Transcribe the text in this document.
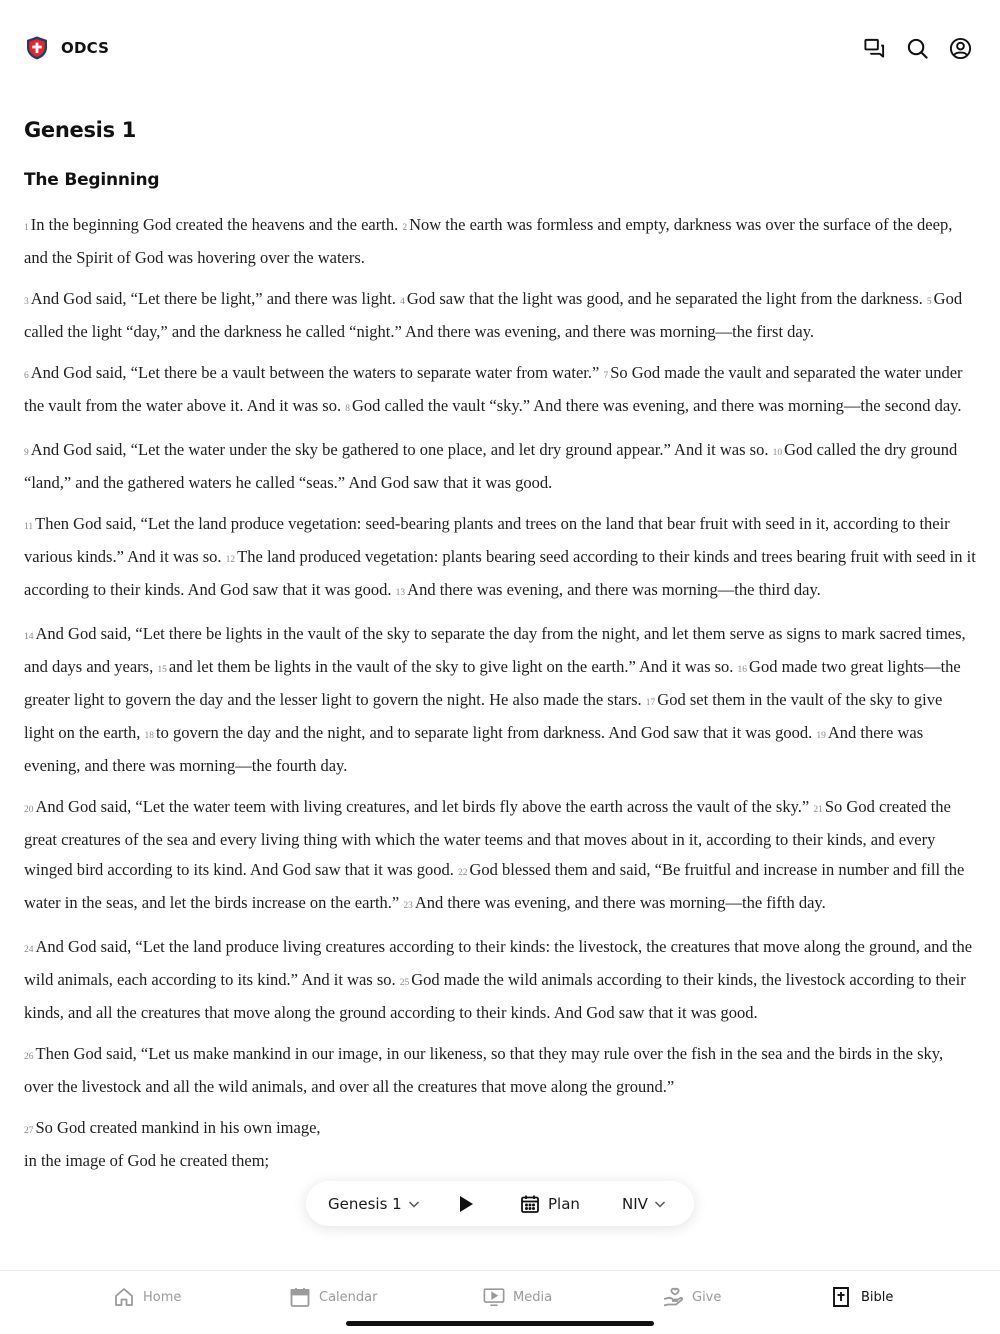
ODCS
Genesis 1
The Beginning

1 In the beginning God created the heavens and the earth. 2 Now the earth was formless and empty, darkness was over the surface of the deep, and the Spirit of God was hovering over the waters.

3 And God said, “Let there be light,” and there was light. 4 God saw that the light was good, and he separated the light from the darkness. 5 God called the light “day,” and the darkness he called “night.” And there was evening, and there was morning—the first day.

6 And God said, “Let there be a vault between the waters to separate water from water.” 7 So God made the vault and separated the water under the vault from the water above it. And it was so. 8 God called the vault “sky.” And there was evening, and there was morning—the second day.

9 And God said, “Let the water under the sky be gathered to one place, and let dry ground appear.” And it was so. 10 God called the dry ground “land,” and the gathered waters he called “seas.” And God saw that it was good.

11 Then God said, “Let the land produce vegetation: seed-bearing plants and trees on the land that bear fruit with seed in it, according to their various kinds.” And it was so. 12 The land produced vegetation: plants bearing seed according to their kinds and trees bearing fruit with seed in it according to their kinds. And God saw that it was good. 13 And there was evening, and there was morning—the third day.

14 And God said, “Let there be lights in the vault of the sky to separate the day from the night, and let them serve as signs to mark sacred times, and days and years, 15 and let them be lights in the vault of the sky to give light on the earth.” And it was so. 16 God made two great lights—the greater light to govern the day and the lesser light to govern the night. He also made the stars. 17 God set them in the vault of the sky to give light on the earth, 18 to govern the day and the night, and to separate light from darkness. And God saw that it was good. 19 And there was evening, and there was morning—the fourth day.

20 And God said, “Let the water teem with living creatures, and let birds fly above the earth across the vault of the sky.” 21 So God created the great creatures of the sea and every living thing with which the water teems and that moves about in it, according to their kinds, and every winged bird according to its kind. And God saw that it was good. 22 God blessed them and said, “Be fruitful and increase in number and fill the water in the seas, and let the birds increase on the earth.” 23 And there was evening, and there was morning—the fifth day.

24 And God said, “Let the land produce living creatures according to their kinds: the livestock, the creatures that move along the ground, and the wild animals, each according to its kind.” And it was so. 25 God made the wild animals according to their kinds, the livestock according to their kinds, and all the creatures that move along the ground according to their kinds. And God saw that it was good.

26 Then God said, “Let us make mankind in our image, in our likeness, so that they may rule over the fish in the sea and the birds in the sky, over the livestock and all the wild animals, and over all the creatures that move along the ground.”

27 So God created mankind in his own image,

in the image of God he created them;

Genesis 1	Plan	NIV
Home	Calendar	Media	Give	Bible
